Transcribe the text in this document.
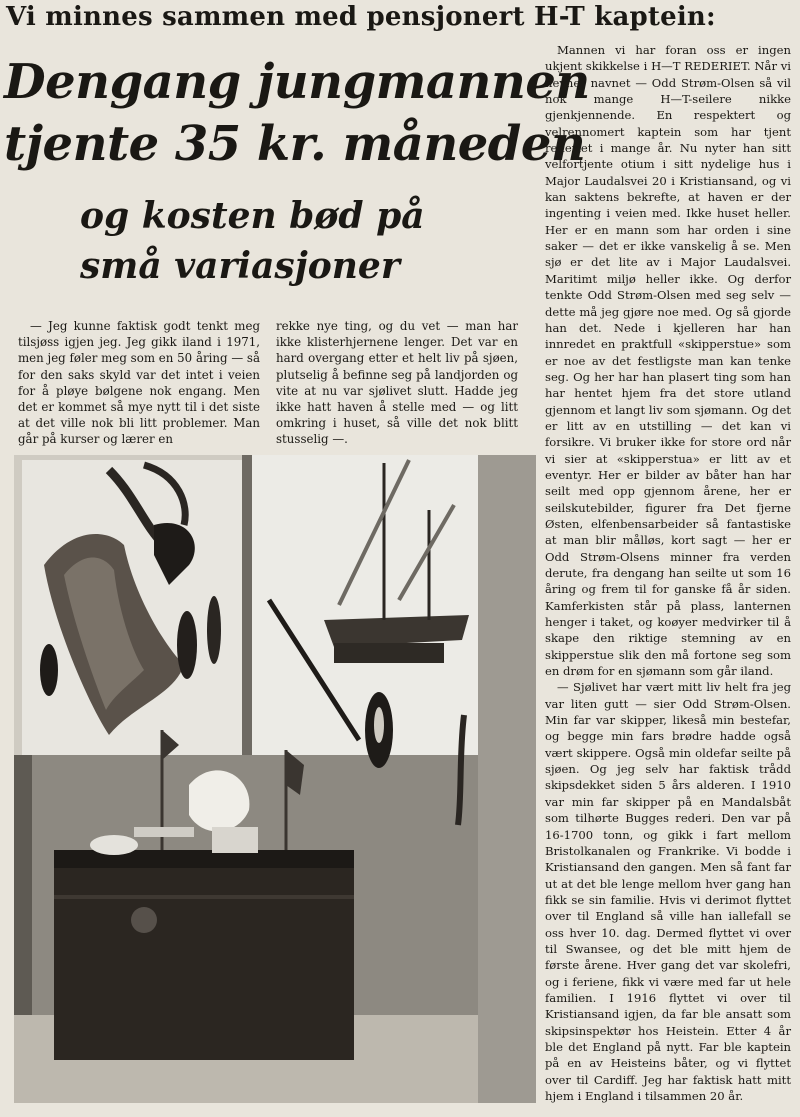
Vi minnes sammen med pensjonert H-T kaptein:
Dengang jungmannen
tjente 35 kr. måneden
og kosten bød på
små variasjoner

— Jeg kunne faktisk godt tenkt meg tilsjøss igjen jeg. Jeg gikk iland i 1971, men jeg føler meg som en 50 åring — så for den saks skyld var det intet i veien for å pløye bølgene nok engang. Men det er kommet så mye nytt til i det siste at det ville nok bli litt problemer. Man går på kurser og lærer en

rekke nye ting, og du vet — man har ikke klisterhjernene lenger. Det var en hard overgang etter et helt liv på sjøen, plutselig å befinne seg på landjorden og vite at nu var sjølivet slutt. Hadde jeg ikke hatt haven å stelle med — og litt omkring i huset, så ville det nok blitt stusselig —.

Mannen vi har foran oss er ingen ukjent skikkelse i H—T REDERIET. Når vi nevner navnet — Odd Strøm-Olsen så vil nok mange H—T-seilere nikke gjenkjennende. En respektert og velrennomert kaptein som har tjent rederiet i mange år. Nu nyter han sitt velfortjente otium i sitt nydelige hus i Major Laudalsvei 20 i Kristiansand, og vi kan saktens bekrefte, at haven er der ingenting i veien med. Ikke huset heller. Her er en mann som har orden i sine saker — det er ikke vanskelig å se. Men sjø er det lite av i Major Laudalsvei. Maritimt miljø heller ikke. Og derfor tenkte Odd Strøm-Olsen med seg selv — dette må jeg gjøre noe med. Og så gjorde han det. Nede i kjelleren har han innredet en praktfull «skipperstue» som er noe av det festligste man kan tenke seg. Og her har han plasert ting som han har hentet hjem fra det store utland gjennom et langt liv som sjømann. Og det er litt av en utstilling — det kan vi forsikre. Vi bruker ikke for store ord når vi sier at «skipperstua» er litt av et eventyr. Her er bilder av båter han har seilt med opp gjennom årene, her er seilskutebilder, figurer fra Det fjerne Østen, elfenbensarbeider så fantastiske at man blir målløs, kort sagt — her er Odd Strøm-Olsens minner fra verden derute, fra dengang han seilte ut som 16 åring og frem til for ganske få år siden. Kamferkisten står på plass, lanternen henger i taket, og koøyer medvirker til å skape den riktige stemning av en skipperstue slik den må fortone seg som en drøm for en sjømann som går iland.

— Sjølivet har vært mitt liv helt fra jeg var liten gutt — sier Odd Strøm-Olsen. Min far var skipper, likeså min bestefar, og begge min fars brødre hadde også vært skippere. Også min oldefar seilte på sjøen. Og jeg selv har faktisk trådd skipsdekket siden 5 års alderen. I 1910 var min far skipper på en Mandalsbåt som tilhørte Bugges rederi. Den var på 16-1700 tonn, og gikk i fart mellom Bristolkanalen og Frankrike. Vi bodde i Kristiansand den gangen. Men så fant far ut at det ble lenge mellom hver gang han fikk se sin familie. Hvis vi derimot flyttet over til England så ville han iallefall se oss hver 10. dag. Dermed flyttet vi over til Swansee, og det ble mitt hjem de første årene. Hver gang det var skolefri, og i feriene, fikk vi være med far ut hele familien. I 1916 flyttet vi over til Kristiansand igjen, da far ble ansatt som skipsinspektør hos Heistein. Etter 4 år ble det England på nytt. Far ble kaptein på en av Heisteins båter, og vi flyttet over til Cardiff. Jeg har faktisk hatt mitt hjem i England i tilsammen 20 år.
